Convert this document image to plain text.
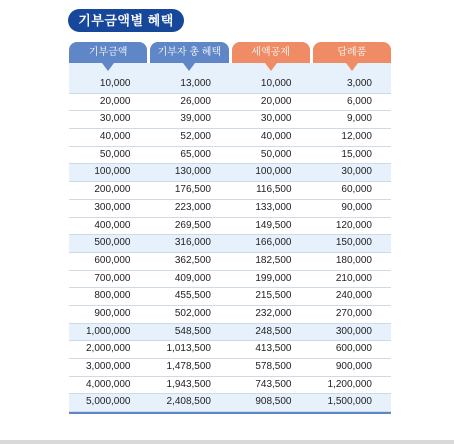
기부금액별 혜택
기부금액	기부자 총 혜택	세액공제	답례품
10,000	13,000	10,000	3,000
20,000	26,000	20,000	6,000
30,000	39,000	30,000	9,000
40,000	52,000	40,000	12,000
50,000	65,000	50,000	15,000
100,000	130,000	100,000	30,000
200,000	176,500	116,500	60,000
300,000	223,000	133,000	90,000
400,000	269,500	149,500	120,000
500,000	316,000	166,000	150,000
600,000	362,500	182,500	180,000
700,000	409,000	199,000	210,000
800,000	455,500	215,500	240,000
900,000	502,000	232,000	270,000
1,000,000	548,500	248,500	300,000
2,000,000	1,013,500	413,500	600,000
3,000,000	1,478,500	578,500	900,000
4,000,000	1,943,500	743,500	1,200,000
5,000,000	2,408,500	908,500	1,500,000
